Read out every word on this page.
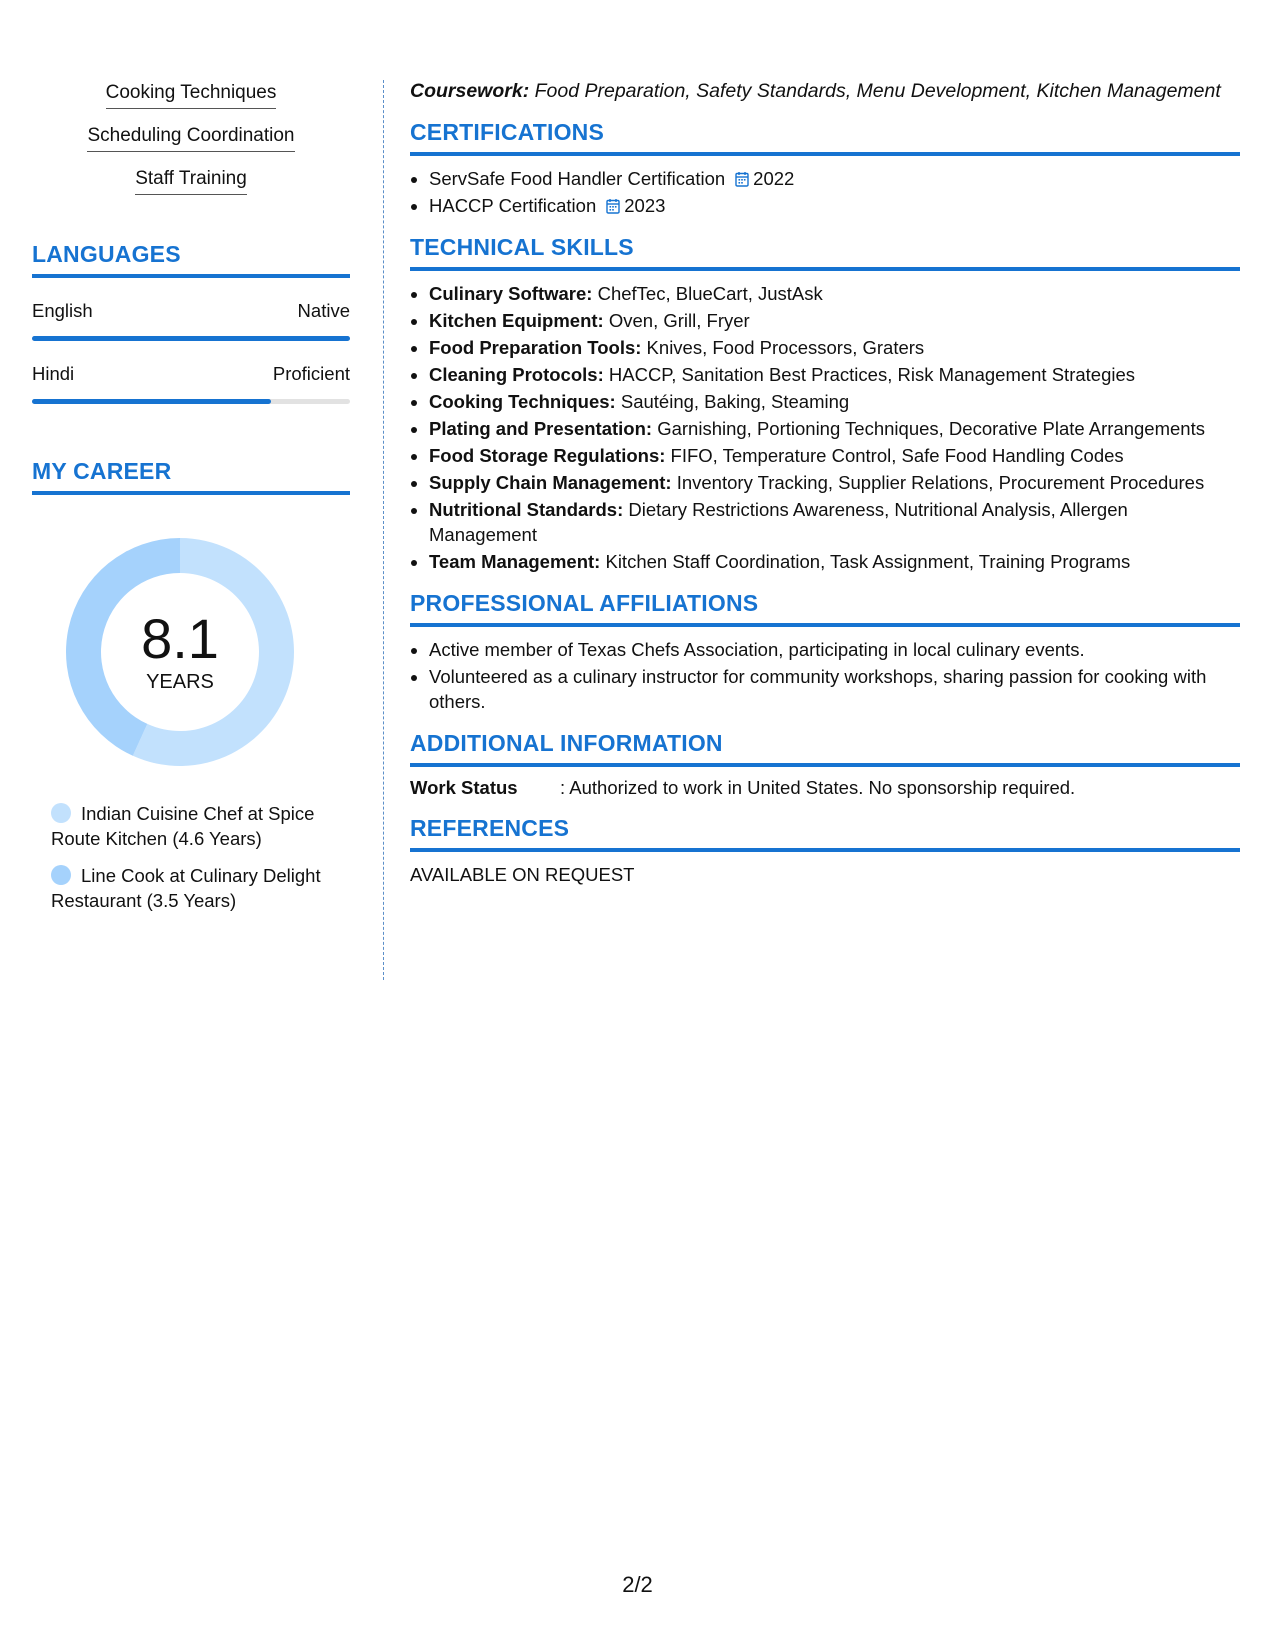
Cooking Techniques
Scheduling Coordination
Staff Training
LANGUAGES
English	Native
Hindi	Proficient
MY CAREER
8.1
YEARS
Indian Cuisine Chef at Spice Route Kitchen (4.6 Years)
Line Cook at Culinary Delight Restaurant (3.5 Years)
Coursework: Food Preparation, Safety Standards, Menu Development, Kitchen Management
CERTIFICATIONS
• ServSafe Food Handler Certification 2022
• HACCP Certification 2023
TECHNICAL SKILLS
• Culinary Software: ChefTec, BlueCart, JustAsk
• Kitchen Equipment: Oven, Grill, Fryer
• Food Preparation Tools: Knives, Food Processors, Graters
• Cleaning Protocols: HACCP, Sanitation Best Practices, Risk Management Strategies
• Cooking Techniques: Sautéing, Baking, Steaming
• Plating and Presentation: Garnishing, Portioning Techniques, Decorative Plate Arrangements
• Food Storage Regulations: FIFO, Temperature Control, Safe Food Handling Codes
• Supply Chain Management: Inventory Tracking, Supplier Relations, Procurement Procedures
• Nutritional Standards: Dietary Restrictions Awareness, Nutritional Analysis, Allergen Management
• Team Management: Kitchen Staff Coordination, Task Assignment, Training Programs
PROFESSIONAL AFFILIATIONS
• Active member of Texas Chefs Association, participating in local culinary events.
• Volunteered as a culinary instructor for community workshops, sharing passion for cooking with others.
ADDITIONAL INFORMATION
Work Status	: Authorized to work in United States. No sponsorship required.
REFERENCES
AVAILABLE ON REQUEST
2/2
